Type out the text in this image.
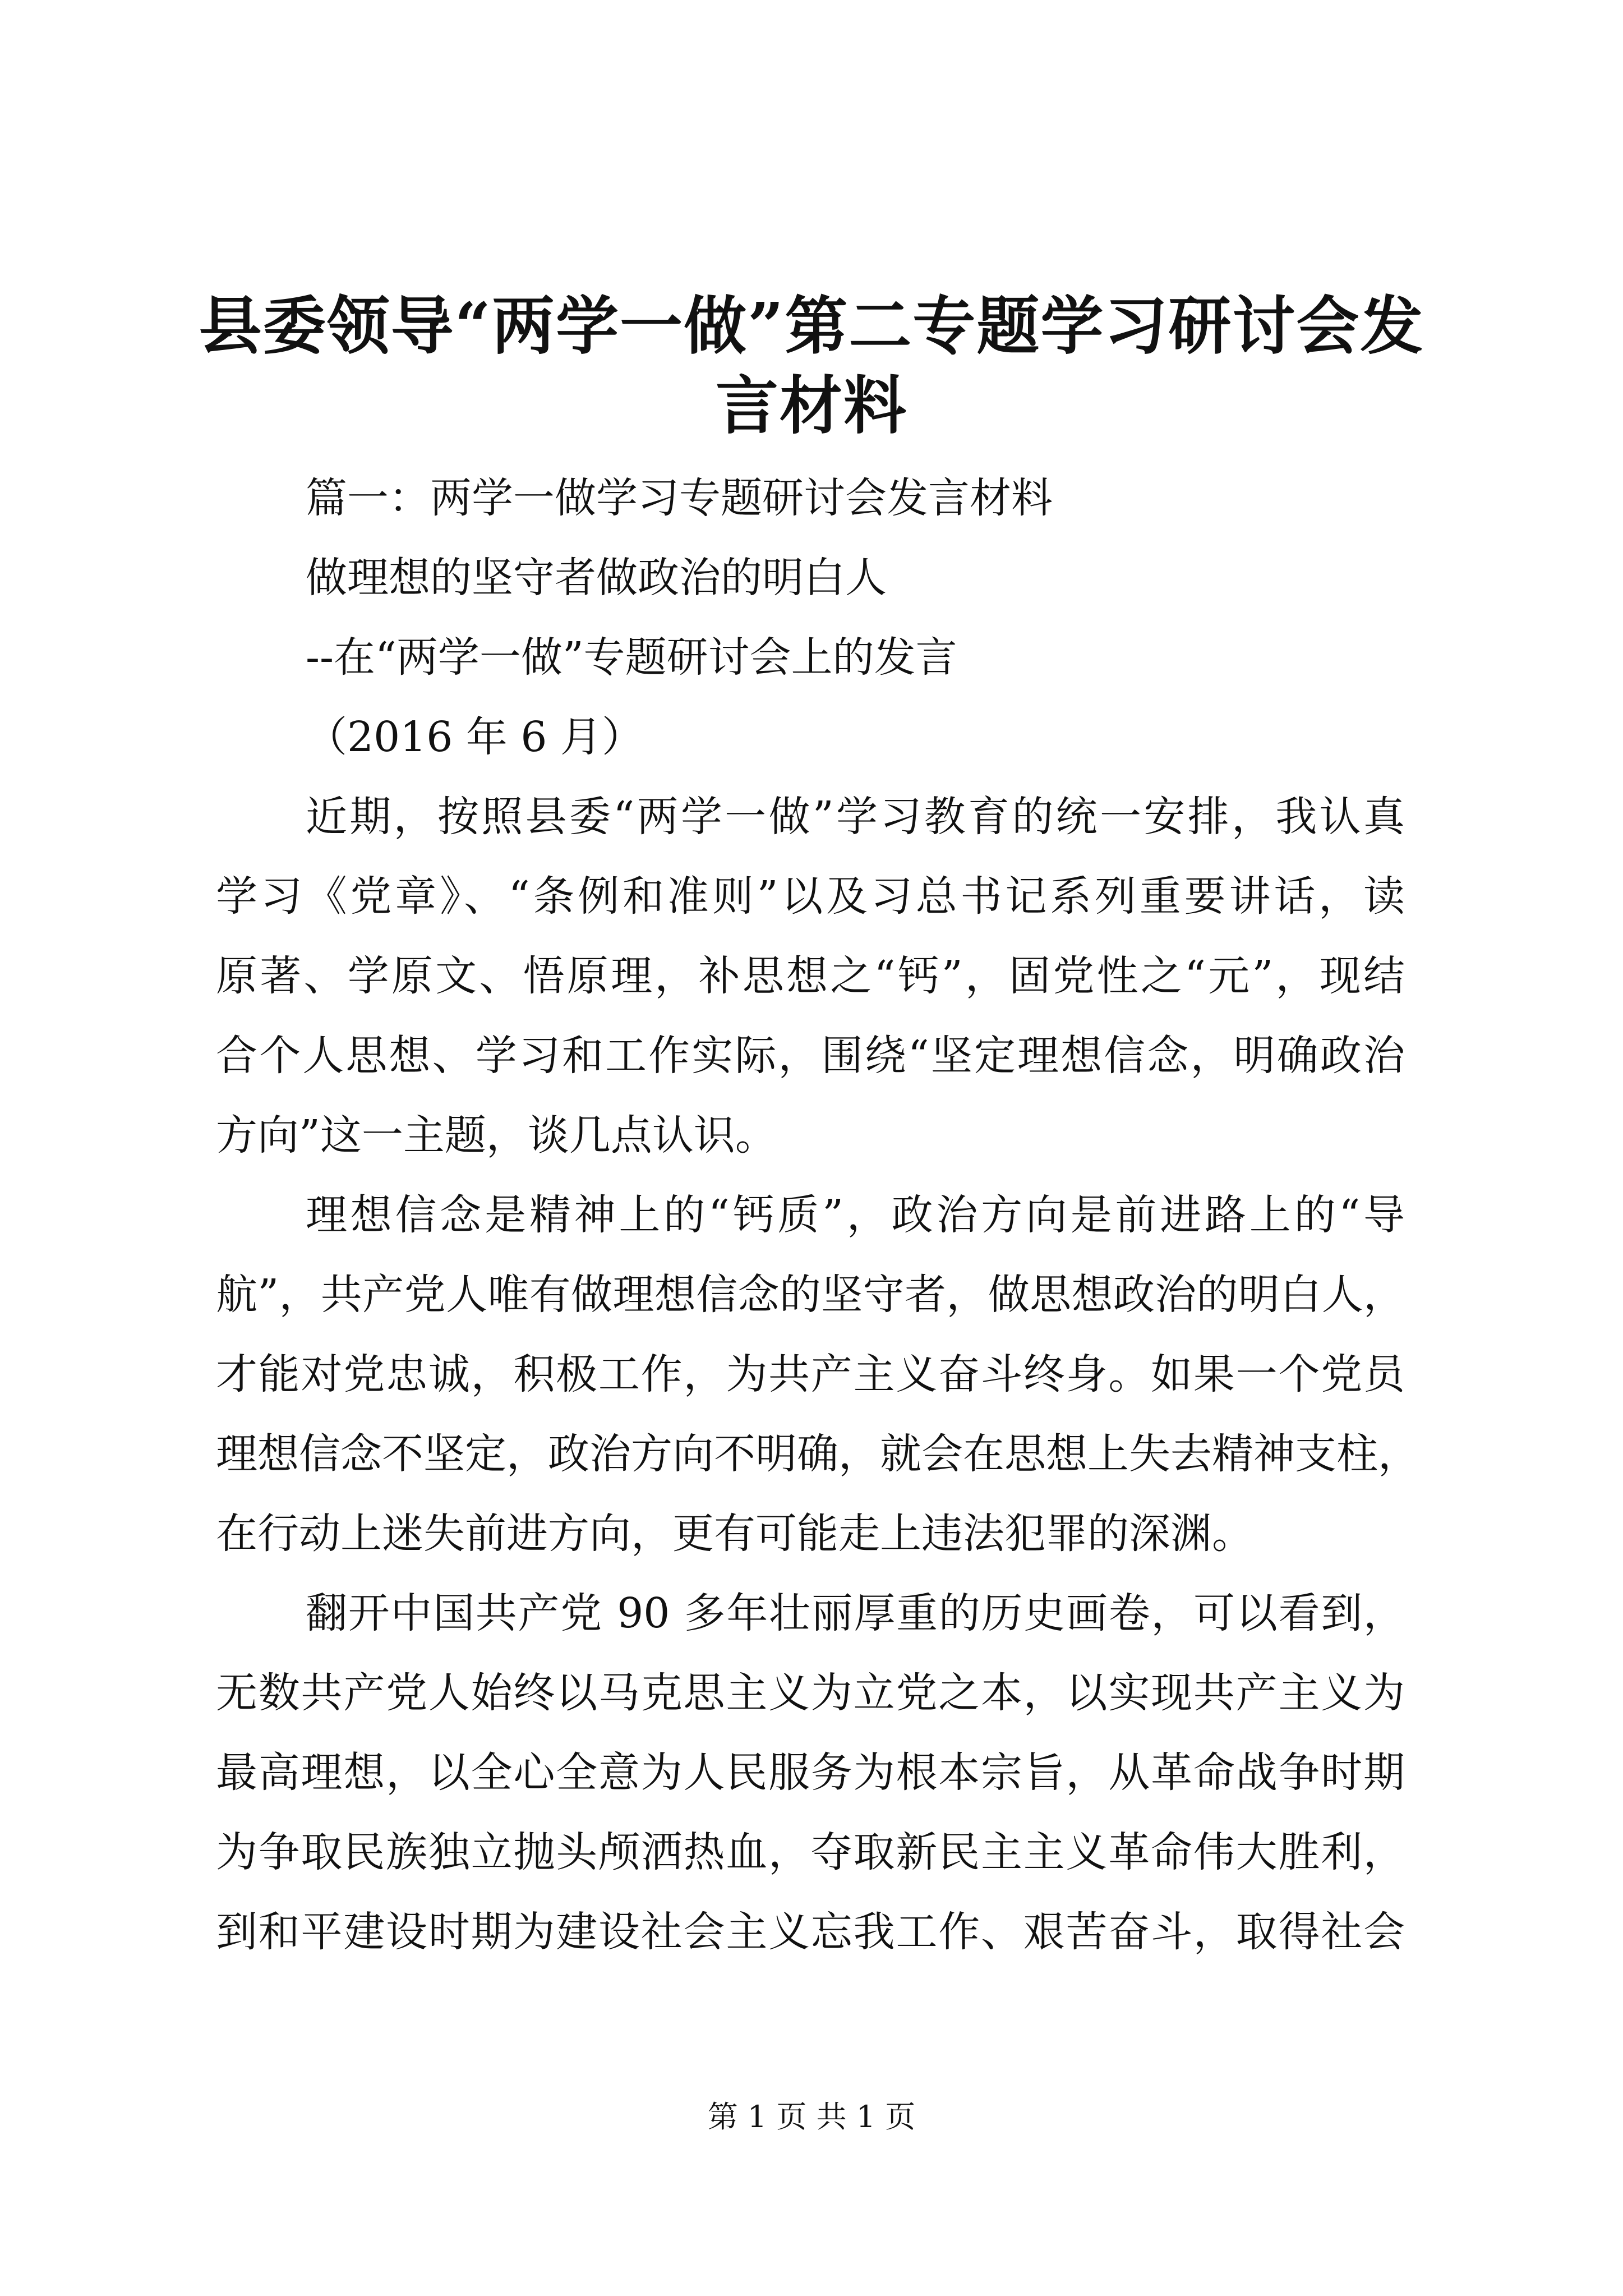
县委领导“两学一做”第二专题学习研讨会发
言材料

篇一：两学一做学习专题研讨会发言材料

做理想的坚守者做政治的明白人

--在“两学一做”专题研讨会上的发言

（2016 年 6 月）

近期，按照县委“两学一做”学习教育的统一安排，我认真

学习《党章》、“条例和准则”以及习总书记系列重要讲话，读

原著、学原文、悟原理，补思想之“钙”，固党性之“元”，现结

合个人思想、学习和工作实际，围绕“坚定理想信念，明确政治

方向”这一主题，谈几点认识。

理想信念是精神上的“钙质”，政治方向是前进路上的“导

航”，共产党人唯有做理想信念的坚守者，做思想政治的明白人，

才能对党忠诚，积极工作，为共产主义奋斗终身。如果一个党员

理想信念不坚定，政治方向不明确，就会在思想上失去精神支柱，

在行动上迷失前进方向，更有可能走上违法犯罪的深渊。

翻开中国共产党 90 多年壮丽厚重的历史画卷，可以看到，

无数共产党人始终以马克思主义为立党之本，以实现共产主义为

最高理想，以全心全意为人民服务为根本宗旨，从革命战争时期

为争取民族独立抛头颅洒热血，夺取新民主主义革命伟大胜利，

到和平建设时期为建设社会主义忘我工作、艰苦奋斗，取得社会

第 1 页 共 1 页
